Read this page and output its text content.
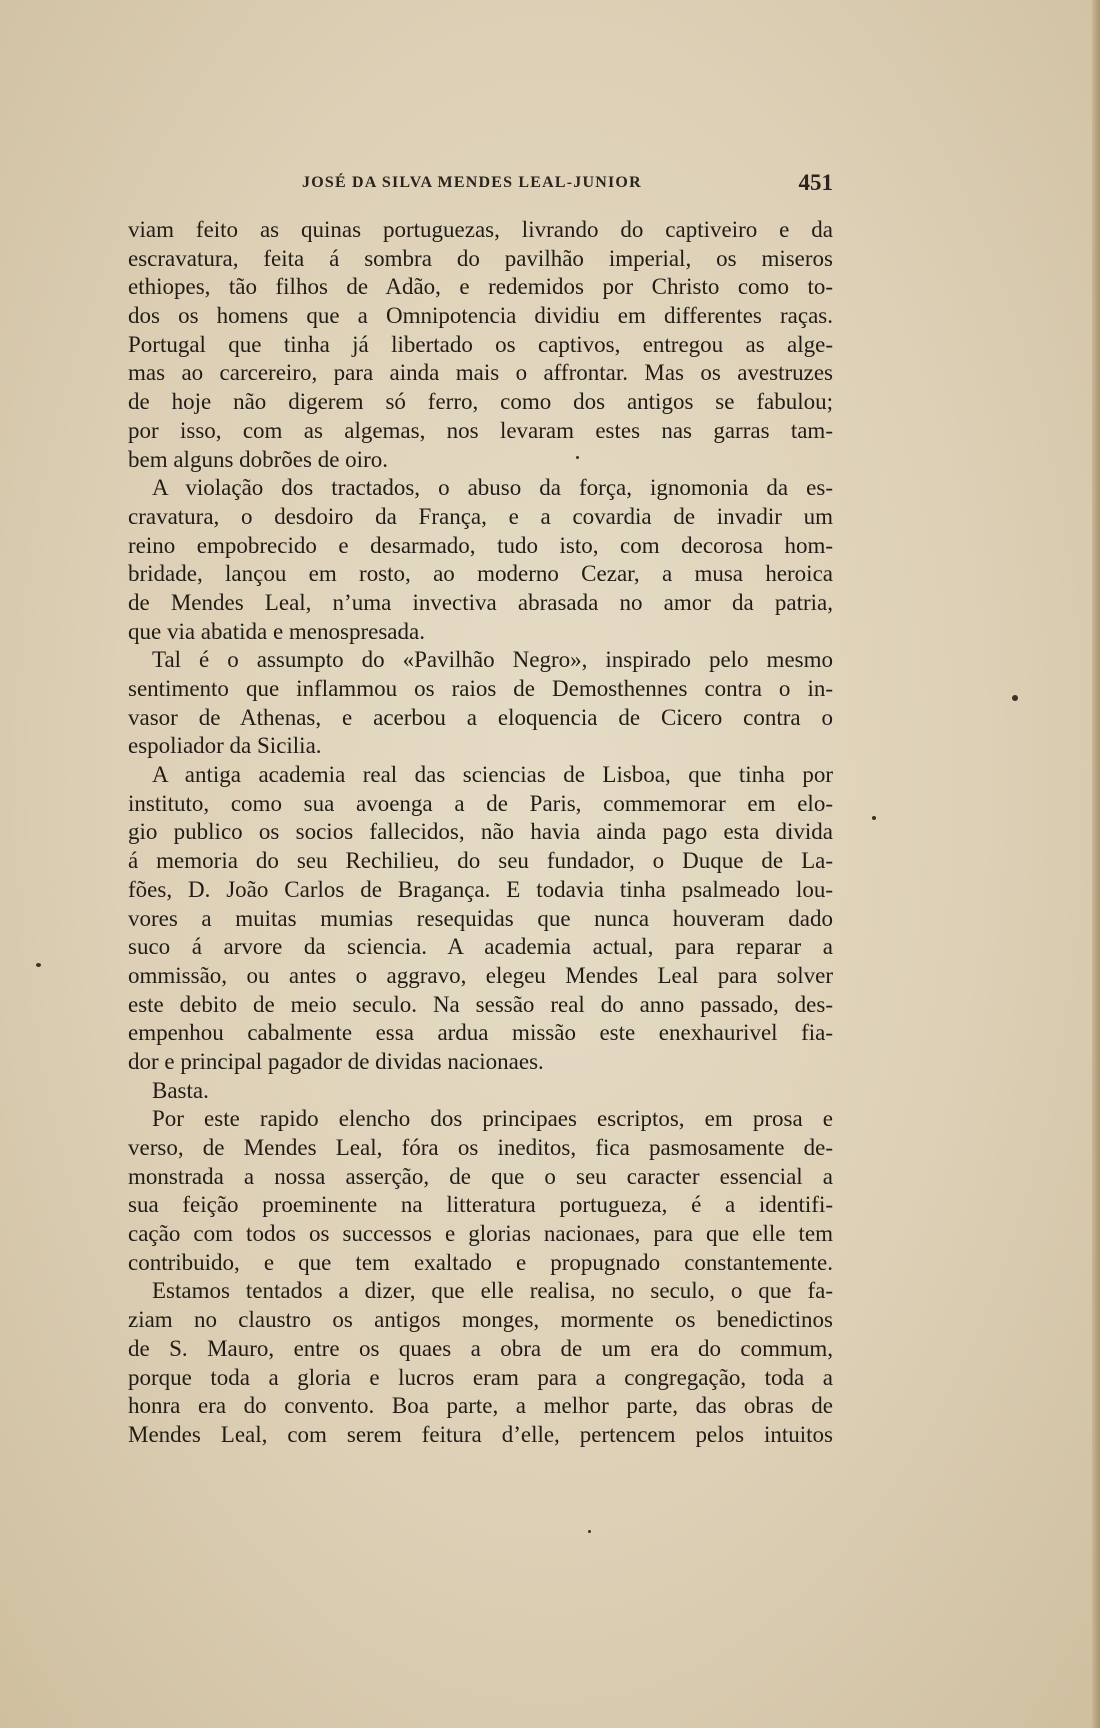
JOSÉ DA SILVA MENDES LEAL-JUNIOR	451
viam feito as quinas portuguezas, livrando do captiveiro e da
escravatura, feita á sombra do pavilhão imperial, os miseros
ethiopes, tão filhos de Adão, e redemidos por Christo como to-
dos os homens que a Omnipotencia dividiu em differentes raças.
Portugal que tinha já libertado os captivos, entregou as alge-
mas ao carcereiro, para ainda mais o affrontar. Mas os avestruzes
de hoje não digerem só ferro, como dos antigos se fabulou;
por isso, com as algemas, nos levaram estes nas garras tam-
bem alguns dobrões de oiro.
A violação dos tractados, o abuso da força, ignomonia da es-
cravatura, o desdoiro da França, e a covardia de invadir um
reino empobrecido e desarmado, tudo isto, com decorosa hom-
bridade, lançou em rosto, ao moderno Cezar, a musa heroica
de Mendes Leal, n’uma invectiva abrasada no amor da patria,
que via abatida e menospresada.
Tal é o assumpto do «Pavilhão Negro», inspirado pelo mesmo
sentimento que inflammou os raios de Demosthennes contra o in-
vasor de Athenas, e acerbou a eloquencia de Cicero contra o
espoliador da Sicilia.
A antiga academia real das sciencias de Lisboa, que tinha por
instituto, como sua avoenga a de Paris, commemorar em elo-
gio publico os socios fallecidos, não havia ainda pago esta divida
á memoria do seu Rechilieu, do seu fundador, o Duque de La-
fões, D. João Carlos de Bragança. E todavia tinha psalmeado lou-
vores a muitas mumias resequidas que nunca houveram dado
suco á arvore da sciencia. A academia actual, para reparar a
ommissão, ou antes o aggravo, elegeu Mendes Leal para solver
este debito de meio seculo. Na sessão real do anno passado, des-
empenhou cabalmente essa ardua missão este enexhaurivel fia-
dor e principal pagador de dividas nacionaes.
Basta.
Por este rapido elencho dos principaes escriptos, em prosa e
verso, de Mendes Leal, fóra os ineditos, fica pasmosamente de-
monstrada a nossa asserção, de que o seu caracter essencial a
sua feição proeminente na litteratura portugueza, é a identifi-
cação com todos os successos e glorias nacionaes, para que elle tem
contribuido, e que tem exaltado e propugnado constantemente.
Estamos tentados a dizer, que elle realisa, no seculo, o que fa-
ziam no claustro os antigos monges, mormente os benedictinos
de S. Mauro, entre os quaes a obra de um era do commum,
porque toda a gloria e lucros eram para a congregação, toda a
honra era do convento. Boa parte, a melhor parte, das obras de
Mendes Leal, com serem feitura d’elle, pertencem pelos intuitos
